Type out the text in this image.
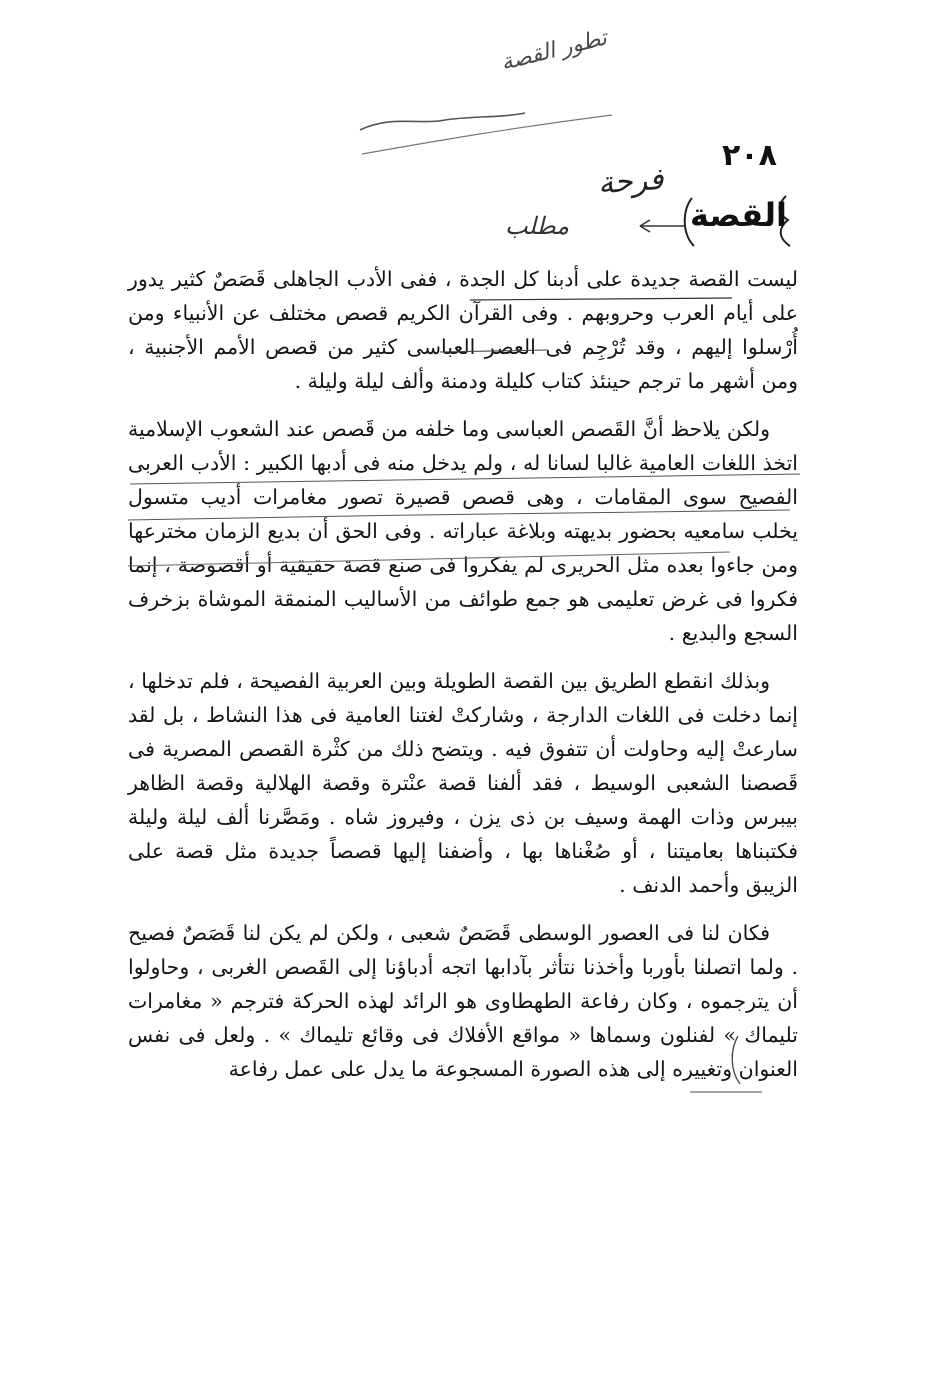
تطور القصة
٢٠٨
فرحة
القصة
مطلب

ليست القصة جديدة على أدبنا كل الجدة ، ففى الأدب الجاهلى قَصَصٌ كثير يدور على أيام العرب وحروبهم . وفى القرآن الكريم قصص مختلف عن الأنبياء ومن أُرْسلوا إليهم ، وقد تُرْجِم فى العصر العباسى كثير من قصص الأمم الأجنبية ، ومن أشهر ما ترجم حينئذ كتاب كليلة ودمنة وألف ليلة وليلة .

ولكن يلاحظ أنَّ القَصص العباسى وما خلفه من قَصص عند الشعوب الإسلامية اتخذ اللغات العامية غالبا لسانا له ، ولم يدخل منه فى أدبها الكبير : الأدب العربى الفصيح سوى المقامات ، وهى قصص قصيرة تصور مغامرات أديب متسول يخلب سامعيه بحضور بديهته وبلاغة عباراته . وفى الحق أن بديع الزمان مخترعها ومن جاءوا بعده مثل الحريرى لم يفكروا فى صنع قصة حقيقية أو أقصوصة ، إنما فكروا فى غرض تعليمى هو جمع طوائف من الأساليب المنمقة الموشاة بزخرف السجع والبديع .

وبذلك انقطع الطريق بين القصة الطويلة وبين العربية الفصيحة ، فلم تدخلها ، إنما دخلت فى اللغات الدارجة ، وشاركتْ لغتنا العامية فى هذا النشاط ، بل لقد سارعتْ إليه وحاولت أن تتفوق فيه . ويتضح ذلك من كثْرة القصص المصرية فى قَصصنا الشعبى الوسيط ، فقد ألفنا قصة عنْترة وقصة الهلالية وقصة الظاهر بيبرس وذات الهمة وسيف بن ذى يزن ، وفيروز شاه . ومَصَّرنا ألف ليلة وليلة فكتبناها بعاميتنا ، أو صُغْناها بها ، وأضفنا إليها قصصاً جديدة مثل قصة على الزيبق وأحمد الدنف .

فكان لنا فى العصور الوسطى قَصَصٌ شعبى ، ولكن لم يكن لنا قَصَصٌ فصيح . ولما اتصلنا بأوربا وأخذنا نتأثر بآدابها اتجه أدباؤنا إلى القَصص الغربى ، وحاولوا أن يترجموه ، وكان رفاعة الطهطاوى هو الرائد لهذه الحركة فترجم « مغامرات تليماك » لفنلون وسماها « مواقع الأفلاك فى وقائع تليماك » . ولعل فى نفس العنوان وتغييره إلى هذه الصورة المسجوعة ما يدل على عمل رفاعة
